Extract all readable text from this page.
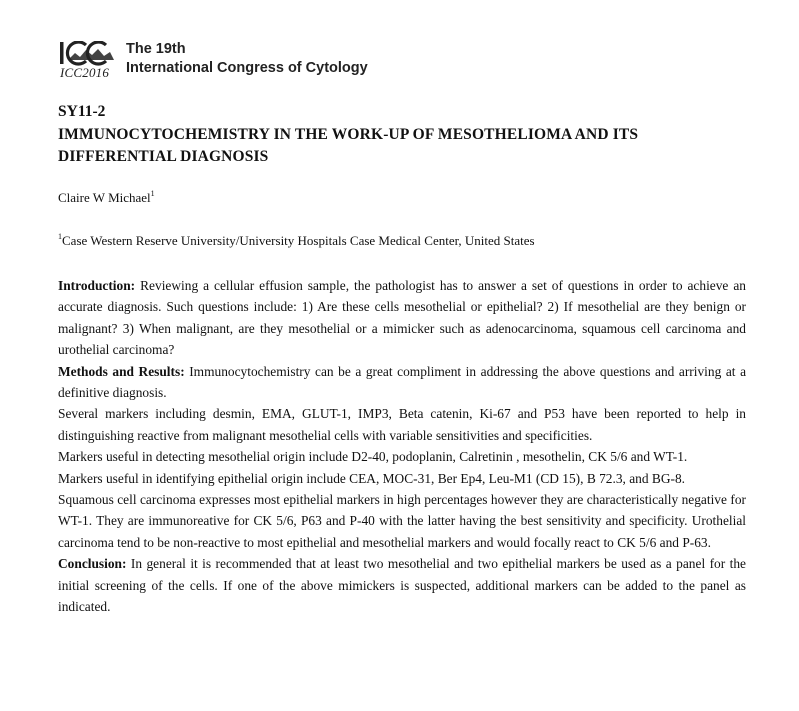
ICC2016
The 19th
International Congress of Cytology
SY11-2
IMMUNOCYTOCHEMISTRY IN THE WORK-UP OF MESOTHELIOMA AND ITS DIFFERENTIAL DIAGNOSIS
Claire W Michael$^1$
$^1$Case Western Reserve University/University Hospitals Case Medical Center, United States

Introduction: Reviewing a cellular effusion sample, the pathologist has to answer a set of questions in order to achieve an accurate diagnosis. Such questions include: 1) Are these cells mesothelial or epithelial? 2) If mesothelial are they benign or malignant? 3) When malignant, are they mesothelial or a mimicker such as adenocarcinoma, squamous cell carcinoma and urothelial carcinoma?

Methods and Results: Immunocytochemistry can be a great compliment in addressing the above questions and arriving at a definitive diagnosis.

Several markers including desmin, EMA, GLUT-1, IMP3, Beta catenin, Ki-67 and P53 have been reported to help in distinguishing reactive from malignant mesothelial cells with variable sensitivities and specificities.

Markers useful in detecting mesothelial origin include D2-40, podoplanin, Calretinin , mesothelin, CK 5/6 and WT-1.

Markers useful in identifying epithelial origin include CEA, MOC-31, Ber Ep4, Leu-M1 (CD 15), B 72.3, and BG-8.

Squamous cell carcinoma expresses most epithelial markers in high percentages however they are characteristically negative for WT-1. They are immunoreative for CK 5/6, P63 and P-40 with the latter having the best sensitivity and specificity. Urothelial carcinoma tend to be non-reactive to most epithelial and mesothelial markers and would focally react to CK 5/6 and P-63.

Conclusion: In general it is recommended that at least two mesothelial and two epithelial markers be used as a panel for the initial screening of the cells. If one of the above mimickers is suspected, additional markers can be added to the panel as indicated.
